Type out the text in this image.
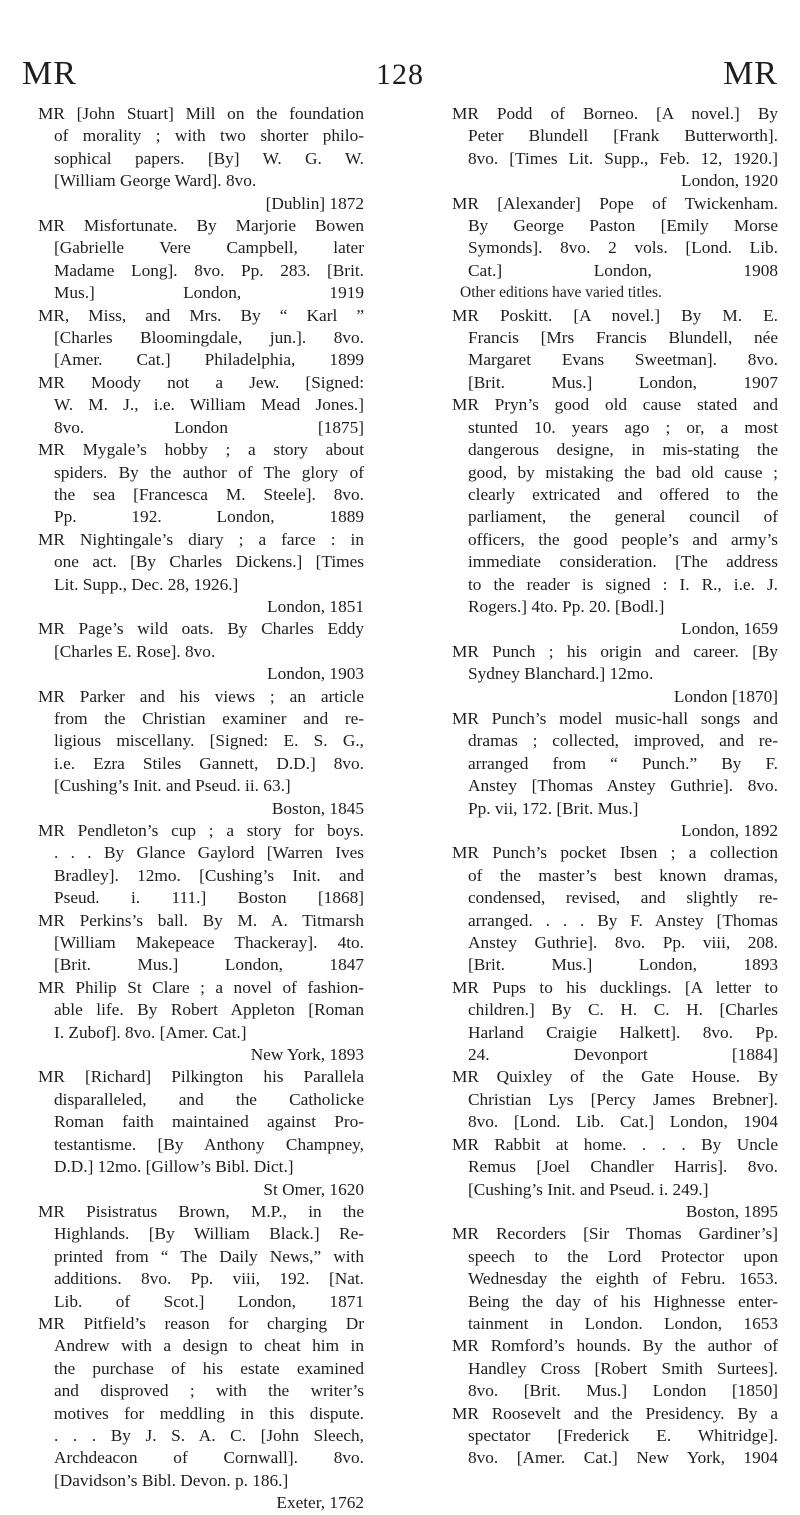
MR	128	MR
MR [John Stuart] Mill on the foundation
of morality ; with two shorter philo-
sophical papers. [By] W. G. W.
[William George Ward]. 8vo.
[Dublin] 1872
MR Misfortunate. By Marjorie Bowen
[Gabrielle Vere Campbell, later
Madame Long]. 8vo. Pp. 283. [Brit.
Mus.] London, 1919
MR, Miss, and Mrs. By “ Karl ”
[Charles Bloomingdale, jun.]. 8vo.
[Amer. Cat.] Philadelphia, 1899
MR Moody not a Jew. [Signed:
W. M. J., i.e. William Mead Jones.]
8vo. London [1875]
MR Mygale’s hobby ; a story about
spiders. By the author of The glory of
the sea [Francesca M. Steele]. 8vo.
Pp. 192. London, 1889
MR Nightingale’s diary ; a farce : in
one act. [By Charles Dickens.] [Times
Lit. Supp., Dec. 28, 1926.]
London, 1851
MR Page’s wild oats. By Charles Eddy
[Charles E. Rose]. 8vo.
London, 1903
MR Parker and his views ; an article
from the Christian examiner and re-
ligious miscellany. [Signed: E. S. G.,
i.e. Ezra Stiles Gannett, D.D.] 8vo.
[Cushing’s Init. and Pseud. ii. 63.]
Boston, 1845
MR Pendleton’s cup ; a story for boys.
. . . By Glance Gaylord [Warren Ives
Bradley]. 12mo. [Cushing’s Init. and
Pseud. i. 111.] Boston [1868]
MR Perkins’s ball. By M. A. Titmarsh
[William Makepeace Thackeray]. 4to.
[Brit. Mus.] London, 1847
MR Philip St Clare ; a novel of fashion-
able life. By Robert Appleton [Roman
I. Zubof]. 8vo. [Amer. Cat.]
New York, 1893
MR [Richard] Pilkington his Parallela
disparalleled, and the Catholicke
Roman faith maintained against Pro-
testantisme. [By Anthony Champney,
D.D.] 12mo. [Gillow’s Bibl. Dict.]
St Omer, 1620
MR Pisistratus Brown, M.P., in the
Highlands. [By William Black.] Re-
printed from “ The Daily News,” with
additions. 8vo. Pp. viii, 192. [Nat.
Lib. of Scot.] London, 1871
MR Pitfield’s reason for charging Dr
Andrew with a design to cheat him in
the purchase of his estate examined
and disproved ; with the writer’s
motives for meddling in this dispute.
. . . By J. S. A. C. [John Sleech,
Archdeacon of Cornwall]. 8vo.
[Davidson’s Bibl. Devon. p. 186.]
Exeter, 1762
MR Podd of Borneo. [A novel.] By
Peter Blundell [Frank Butterworth].
8vo. [Times Lit. Supp., Feb. 12, 1920.]
London, 1920
MR [Alexander] Pope of Twickenham.
By George Paston [Emily Morse
Symonds]. 8vo. 2 vols. [Lond. Lib.
Cat.] London, 1908
Other editions have varied titles.
MR Poskitt. [A novel.] By M. E.
Francis [Mrs Francis Blundell, née
Margaret Evans Sweetman]. 8vo.
[Brit. Mus.] London, 1907
MR Pryn’s good old cause stated and
stunted 10. years ago ; or, a most
dangerous designe, in mis-stating the
good, by mistaking the bad old cause ;
clearly extricated and offered to the
parliament, the general council of
officers, the good people’s and army’s
immediate consideration. [The address
to the reader is signed : I. R., i.e. J.
Rogers.] 4to. Pp. 20. [Bodl.]
London, 1659
MR Punch ; his origin and career. [By
Sydney Blanchard.] 12mo.
London [1870]
MR Punch’s model music-hall songs and
dramas ; collected, improved, and re-
arranged from “ Punch.” By F.
Anstey [Thomas Anstey Guthrie]. 8vo.
Pp. vii, 172. [Brit. Mus.]
London, 1892
MR Punch’s pocket Ibsen ; a collection
of the master’s best known dramas,
condensed, revised, and slightly re-
arranged. . . . By F. Anstey [Thomas
Anstey Guthrie]. 8vo. Pp. viii, 208.
[Brit. Mus.] London, 1893
MR Pups to his ducklings. [A letter to
children.] By C. H. C. H. [Charles
Harland Craigie Halkett]. 8vo. Pp.
24. Devonport [1884]
MR Quixley of the Gate House. By
Christian Lys [Percy James Brebner].
8vo. [Lond. Lib. Cat.] London, 1904
MR Rabbit at home. . . . By Uncle
Remus [Joel Chandler Harris]. 8vo.
[Cushing’s Init. and Pseud. i. 249.]
Boston, 1895
MR Recorders [Sir Thomas Gardiner’s]
speech to the Lord Protector upon
Wednesday the eighth of Febru. 1653.
Being the day of his Highnesse enter-
tainment in London. London, 1653
MR Romford’s hounds. By the author of
Handley Cross [Robert Smith Surtees].
8vo. [Brit. Mus.] London [1850]
MR Roosevelt and the Presidency. By a
spectator [Frederick E. Whitridge].
8vo. [Amer. Cat.] New York, 1904
